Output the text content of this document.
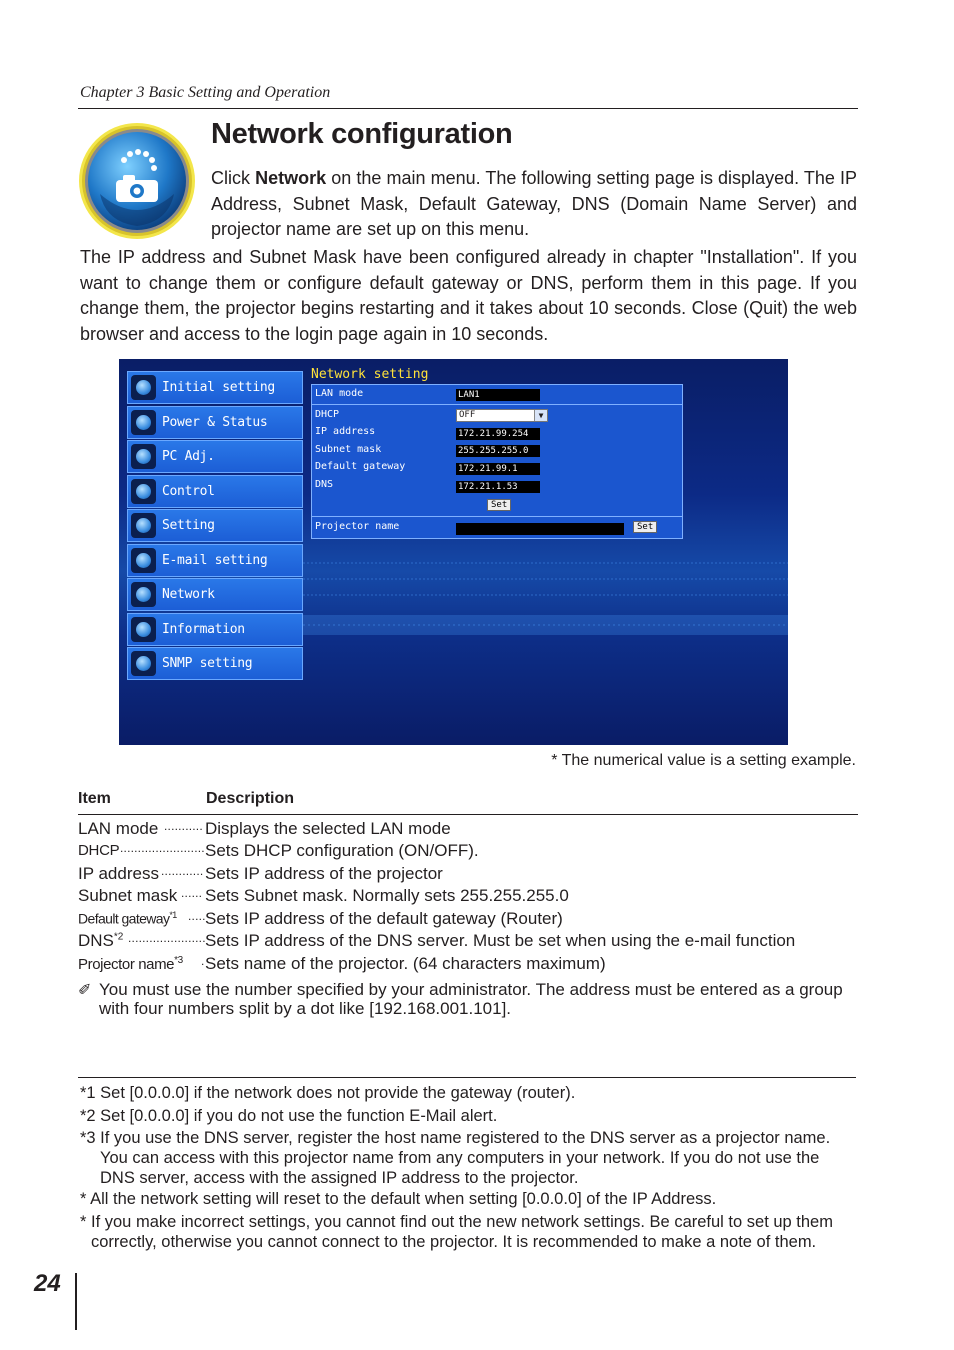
Chapter 3 Basic Setting and Operation
Network configuration
Click Network on the main menu. The following setting page is displayed. The IP Address, Subnet Mask, Default Gateway, DNS (Domain Name Server) and projector name are set up on this menu.
The IP address and Subnet Mask have been configured already in chapter "Installation". If you want to change them or configure default gateway or DNS, perform them in this page. If you change them, the projector begins restarting and it takes about 10 seconds. Close (Quit) the web browser and access to the login page again in 10 seconds.
Initial setting
Power & Status
PC Adj.
Control
Setting
E-mail setting
Network
Information
SNMP setting
Network setting
LAN mode	LAN1
DHCP	OFF	▼
IP address	172.21.99.254
Subnet mask	255.255.255.0
Default gateway	172.21.99.1
DNS	172.21.1.53
Set
Projector name	Set
* The numerical value is a setting example.
Item	Description
LAN mode ........... Displays the selected LAN mode
DHCP ........................ Sets DHCP configuration (ON/OFF).
IP address ............ Sets IP address of the projector
Subnet mask ...... Sets Subnet mask. Normally sets 255.255.255.0
Default gateway$^{*1}$ ..... Sets IP address of the default gateway (Router)
DNS$^{*2}$ ...................... Sets IP address of the DNS server. Must be set when using the e-mail function
Projector name$^{*3}$ . Sets name of the projector. (64 characters maximum)
✐ You must use the number specified by your administrator. The address must be entered as a group with four numbers split by a dot like [192.168.001.101].
*1 Set [0.0.0.0] if the network does not provide the gateway (router).
*2 Set [0.0.0.0] if you do not use the function E-Mail alert.
*3 If you use the DNS server, register the host name registered to the DNS server as a projector name. You can access with this projector name from any computers in your network. If you do not use the DNS server, access with the assigned IP address to the projector.
* All the network setting will reset to the default when setting [0.0.0.0] of the IP Address.
* If you make incorrect settings, you cannot find out the new network settings. Be careful to set up them correctly, otherwise you cannot connect to the projector. It is recommended to make a note of them.
24
